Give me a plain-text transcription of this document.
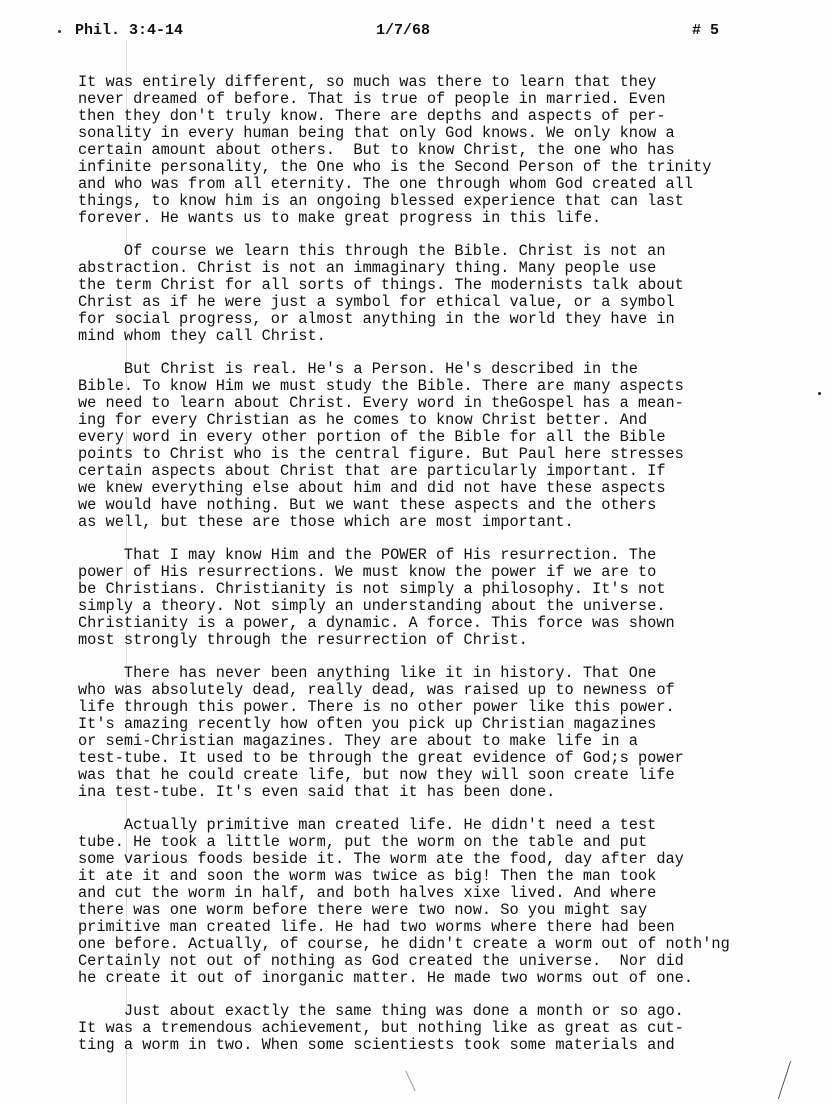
Phil. 3:4-14	1/7/68	# 5
It was entirely different, so much was there to learn that they
never dreamed of before. That is true of people in married. Even
then they don't truly know. There are depths and aspects of per-
sonality in every human being that only God knows. We only know a
certain amount about others.  But to know Christ, the one who has
infinite personality, the One who is the Second Person of the trinity
and who was from all eternity. The one through whom God created all
things, to know him is an ongoing blessed experience that can last
forever. He wants us to make great progress in this life.
Of course we learn this through the Bible. Christ is not an
abstraction. Christ is not an immaginary thing. Many people use
the term Christ for all sorts of things. The modernists talk about
Christ as if he were just a symbol for ethical value, or a symbol
for social progress, or almost anything in the world they have in
mind whom they call Christ.
But Christ is real. He's a Person. He's described in the
Bible. To know Him we must study the Bible. There are many aspects
we need to learn about Christ. Every word in theGospel has a mean-
ing for every Christian as he comes to know Christ better. And
every word in every other portion of the Bible for all the Bible
points to Christ who is the central figure. But Paul here stresses
certain aspects about Christ that are particularly important. If
we knew everything else about him and did not have these aspects
we would have nothing. But we want these aspects and the others
as well, but these are those which are most important.
That I may know Him and the POWER of His resurrection. The
power of His resurrections. We must know the power if we are to
be Christians. Christianity is not simply a philosophy. It's not
simply a theory. Not simply an understanding about the universe.
Christianity is a power, a dynamic. A force. This force was shown
most strongly through the resurrection of Christ.
There has never been anything like it in history. That One
who was absolutely dead, really dead, was raised up to newness of
life through this power. There is no other power like this power.
It's amazing recently how often you pick up Christian magazines
or semi-Christian magazines. They are about to make life in a
test-tube. It used to be through the great evidence of God;s power
was that he could create life, but now they will soon create life
ina test-tube. It's even said that it has been done.
Actually primitive man created life. He didn't need a test
tube. He took a little worm, put the worm on the table and put
some various foods beside it. The worm ate the food, day after day
it ate it and soon the worm was twice as big! Then the man took
and cut the worm in half, and both halves xixe lived. And where
there was one worm before there were two now. So you might say
primitive man created life. He had two worms where there had been
one before. Actually, of course, he didn't create a worm out of noth'ng
Certainly not out of nothing as God created the universe.  Nor did
he create it out of inorganic matter. He made two worms out of one.
Just about exactly the same thing was done a month or so ago.
It was a tremendous achievement, but nothing like as great as cut-
ting a worm in two. When some scientiests took some materials and
